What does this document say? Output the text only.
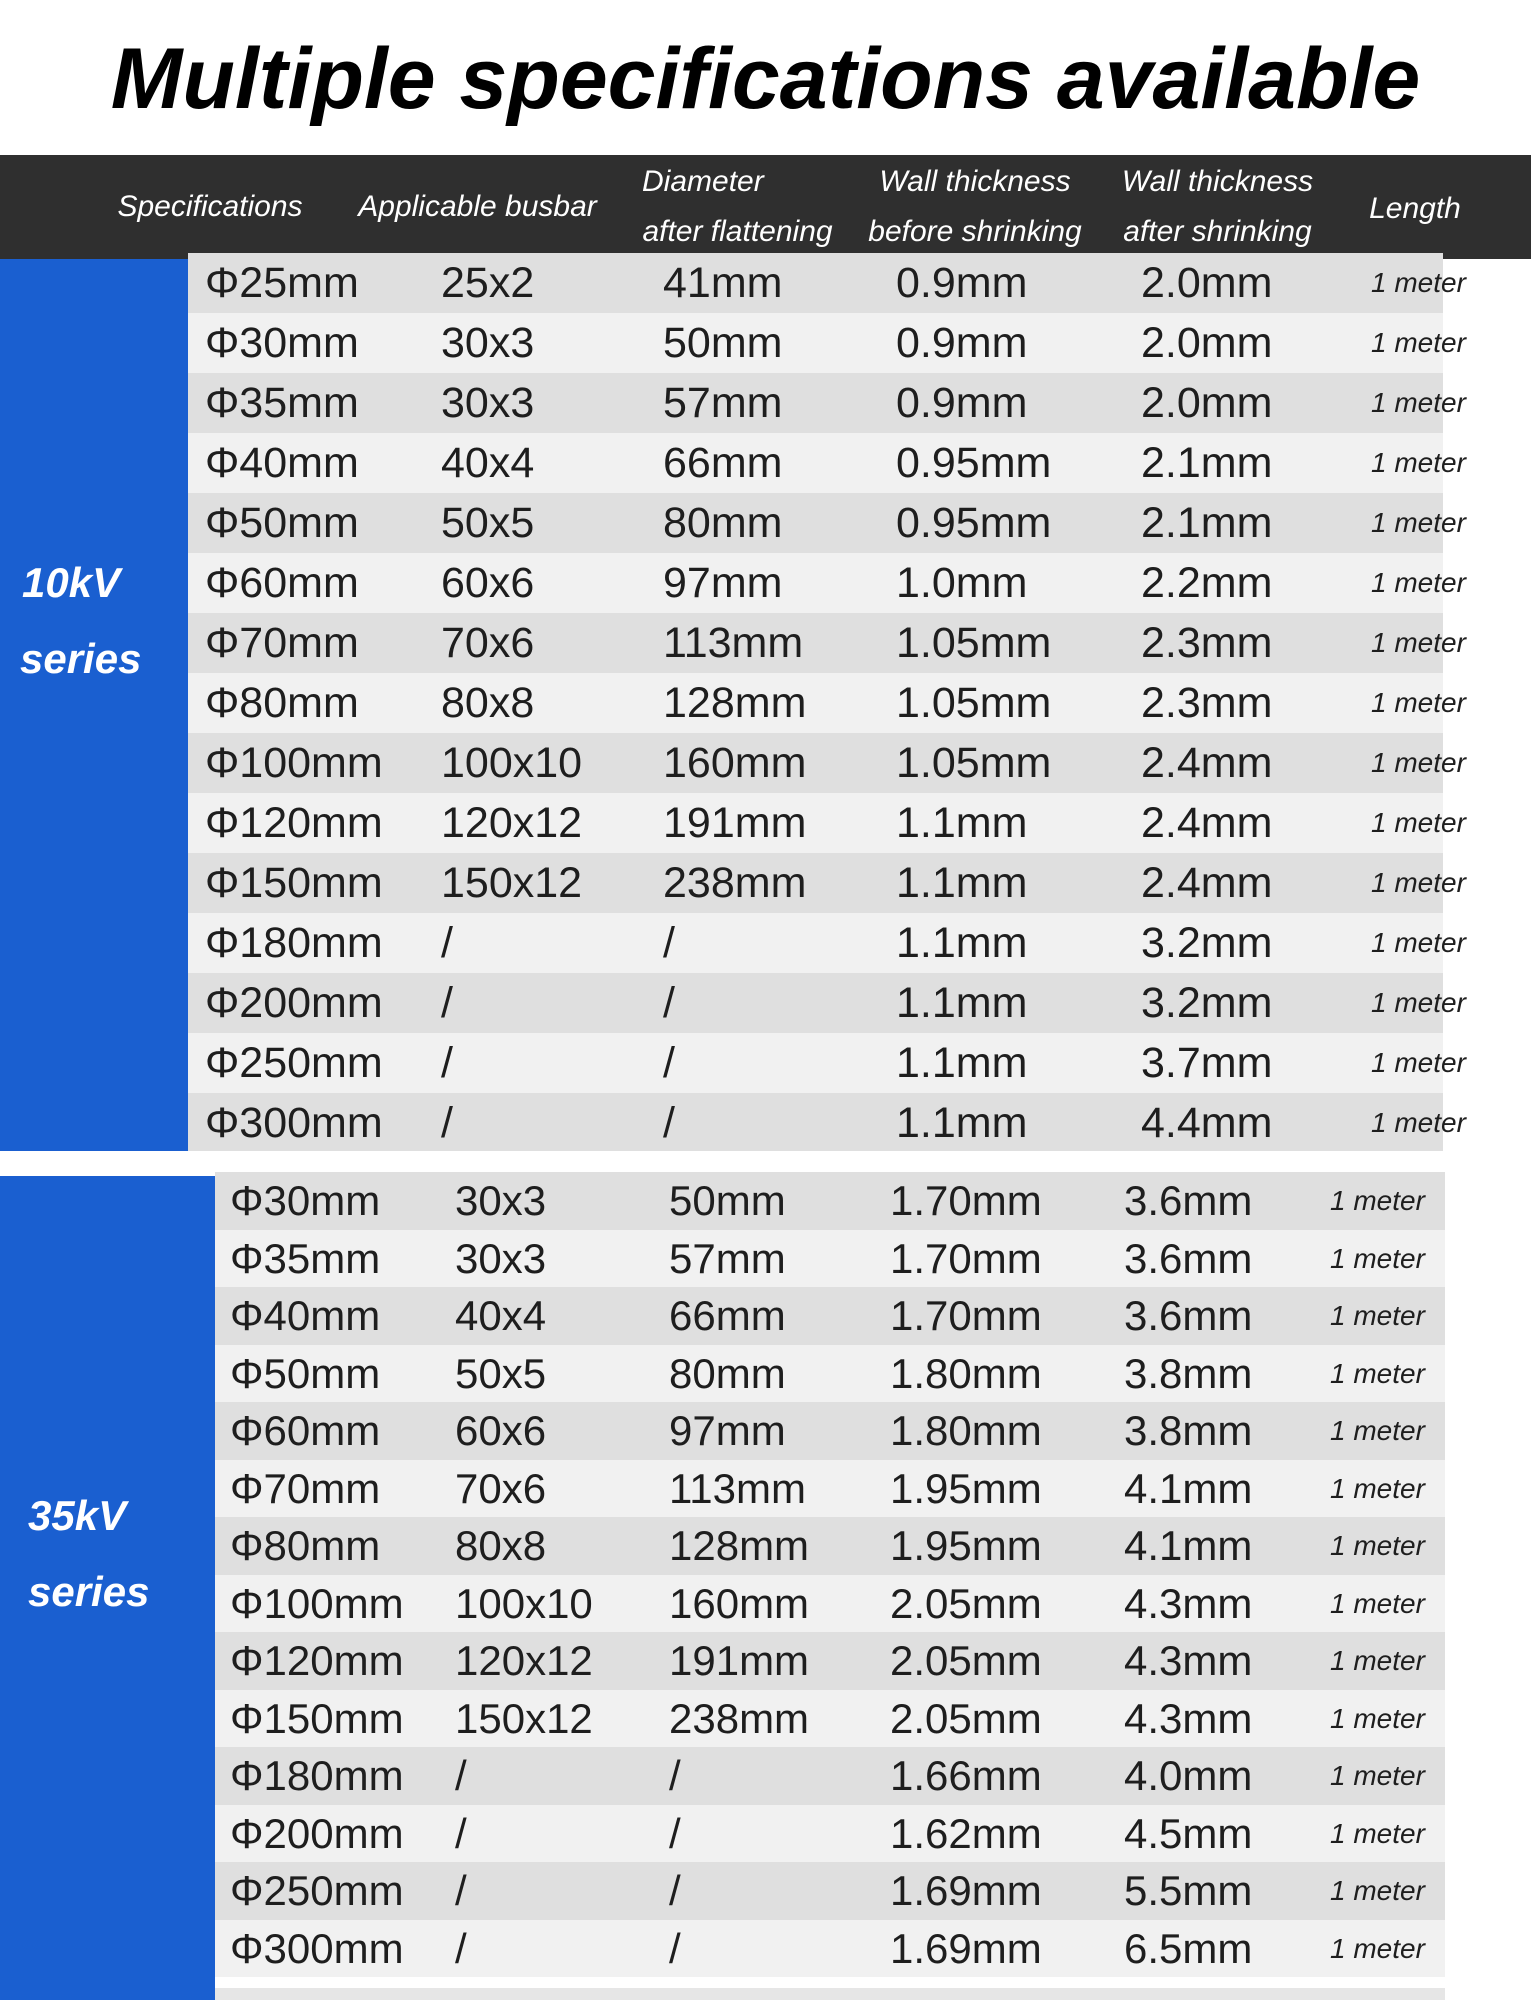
Multiple specifications available
Specifications Applicable busbar
Diameter
after flattening
Wall thickness
before shrinking
Wall thickness
after shrinking
Length
10kV
series
Φ25mm 25x2	41mm	0.9mm	2.0mm	1 meter
Φ30mm 30x3	50mm	0.9mm	2.0mm	1 meter
Φ35mm 30x3	57mm	0.9mm	2.0mm	1 meter
Φ40mm 40x4	66mm	0.95mm 2.1mm	1 meter
Φ50mm 50x5	80mm	0.95mm 2.1mm	1 meter
Φ60mm 60x6	97mm	1.0mm	2.2mm	1 meter
Φ70mm 70x6	113mm 1.05mm 2.3mm	1 meter
Φ80mm 80x8	128mm 1.05mm 2.3mm	1 meter
Φ100mm 100x10 160mm 1.05mm 2.4mm	1 meter
Φ120mm 120x12 191mm 1.1mm	2.4mm	1 meter
Φ150mm 150x12 238mm 1.1mm	2.4mm	1 meter
Φ180mm /	/	1.1mm	3.2mm	1 meter
Φ200mm /	/	1.1mm	3.2mm	1 meter
Φ250mm /	/	1.1mm	3.7mm	1 meter
Φ300mm /	/	1.1mm	4.4mm	1 meter
35kV
series
Φ30mm 30x3	50mm 1.70mm 3.6mm	1 meter
Φ35mm 30x3	57mm 1.70mm 3.6mm	1 meter
Φ40mm 40x4	66mm 1.70mm 3.6mm	1 meter
Φ50mm 50x5	80mm 1.80mm 3.8mm	1 meter
Φ60mm 60x6	97mm 1.80mm 3.8mm	1 meter
Φ70mm 70x6	113mm 1.95mm 4.1mm	1 meter
Φ80mm 80x8	128mm 1.95mm 4.1mm	1 meter
Φ100mm 100x10 160mm 2.05mm 4.3mm	1 meter
Φ120mm 120x12 191mm 2.05mm 4.3mm	1 meter
Φ150mm 150x12 238mm 2.05mm 4.3mm	1 meter
Φ180mm /	/	1.66mm 4.0mm	1 meter
Φ200mm /	/	1.62mm 4.5mm	1 meter
Φ250mm /	/	1.69mm 5.5mm	1 meter
Φ300mm /	/	1.69mm 6.5mm	1 meter
